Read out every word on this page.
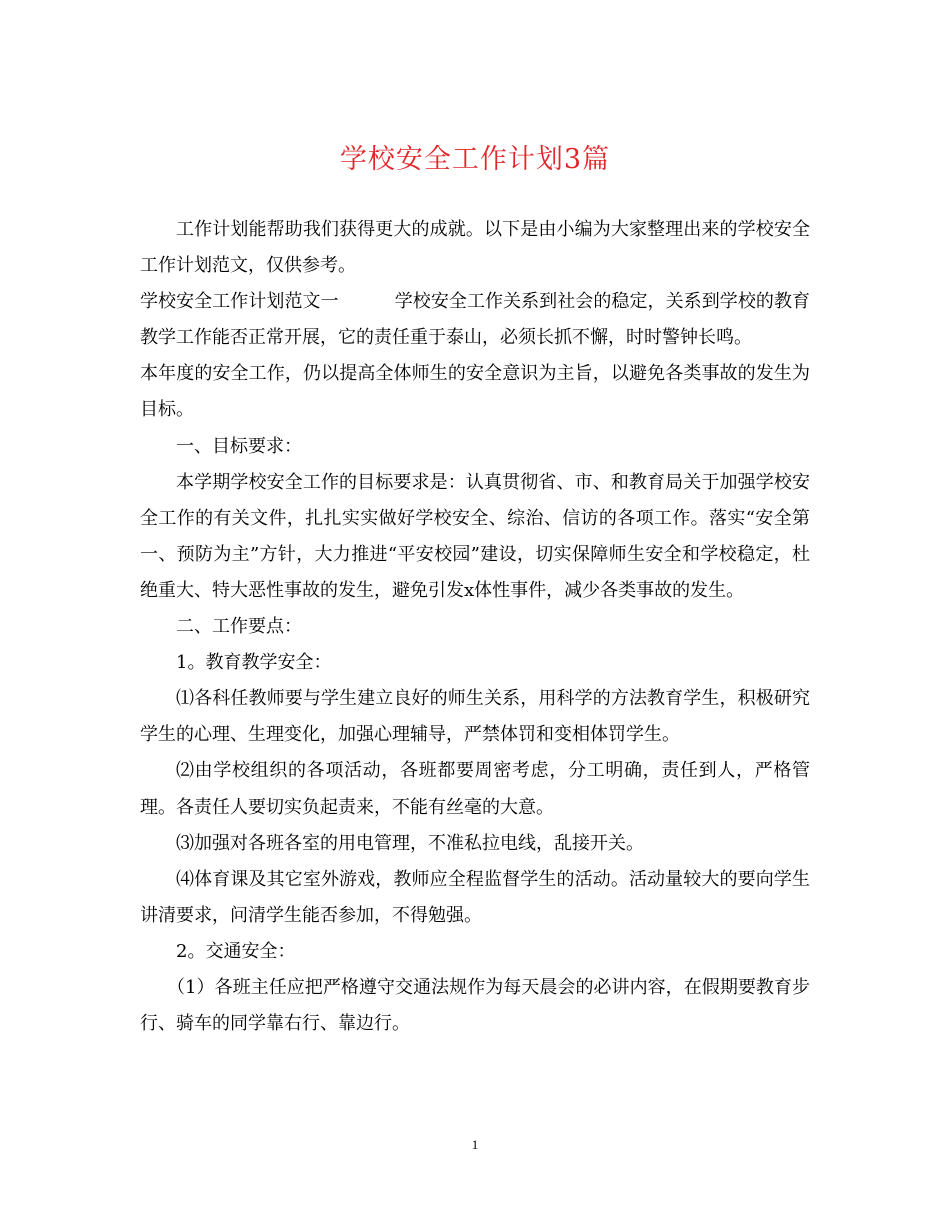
学校安全工作计划3篇

工作计划能帮助我们获得更大的成就。以下是由小编为大家整理出来的学校安全工作计划范文，仅供参考。

学校安全工作计划范文一	学校安全工作关系到社会的稳定，关系到学校的教育教学工作能否正常开展，它的责任重于泰山，必须长抓不懈，时时警钟长鸣。

本年度的安全工作，仍以提高全体师生的安全意识为主旨，以避免各类事故的发生为目标。

一、目标要求：

本学期学校安全工作的目标要求是：认真贯彻省、市、和教育局关于加强学校安全工作的有关文件，扎扎实实做好学校安全、综治、信访的各项工作。落实“安全第一、预防为主”方针，大力推进“平安校园”建设，切实保障师生安全和学校稳定，杜绝重大、特大恶性事故的发生，避免引发x体性事件，减少各类事故的发生。

二、工作要点：

1。教育教学安全：

⑴各科任教师要与学生建立良好的师生关系，用科学的方法教育学生，积极研究学生的心理、生理变化，加强心理辅导，严禁体罚和变相体罚学生。

⑵由学校组织的各项活动，各班都要周密考虑，分工明确，责任到人，严格管理。各责任人要切实负起责来，不能有丝毫的大意。

⑶加强对各班各室的用电管理，不准私拉电线，乱接开关。

⑷体育课及其它室外游戏，教师应全程监督学生的活动。活动量较大的要向学生讲清要求，问清学生能否参加，不得勉强。

2。交通安全：

（1）各班主任应把严格遵守交通法规作为每天晨会的必讲内容，在假期要教育步行、骑车的同学靠右行、靠边行。

1
